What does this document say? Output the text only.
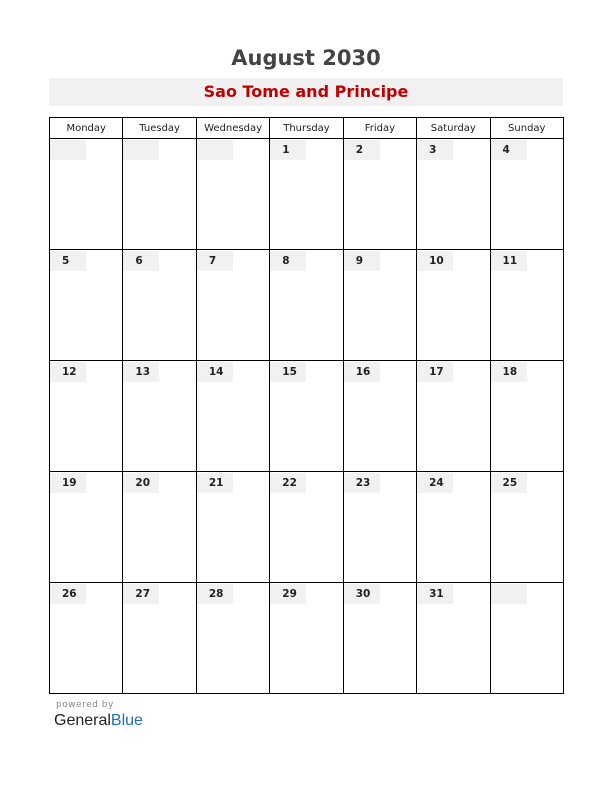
August 2030
Sao Tome and Principe
Monday	Tuesday	Wednesday	Thursday	Friday	Saturday	Sunday

			1	2	3	4

5	6	7	8	9	10	11

12	13	14	15	16	17	18

19	20	21	22	23	24	25

26	27	28	29	30	31	

powered by
GeneralBlue
